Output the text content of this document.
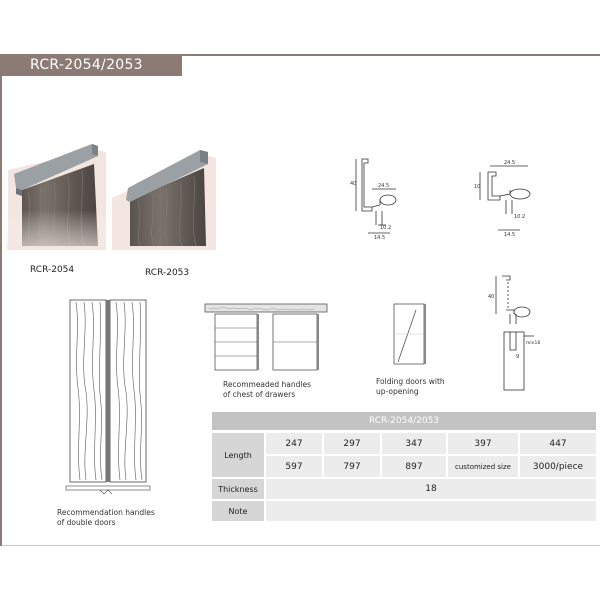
RCR-2054/2053
RCR-2054	RCR-2053
40	24.5
10.2
14.5
24.5
10
10.2
14.5
Recommeaded handles
of chest of drawers
Folding doors with
up-opening
40
min18
9
Recommendation handles
of double doors
RCR-2054/2053
Length
247	297	347	397	447
597	797	897	customized size	3000/piece
Thickness	18
Note
